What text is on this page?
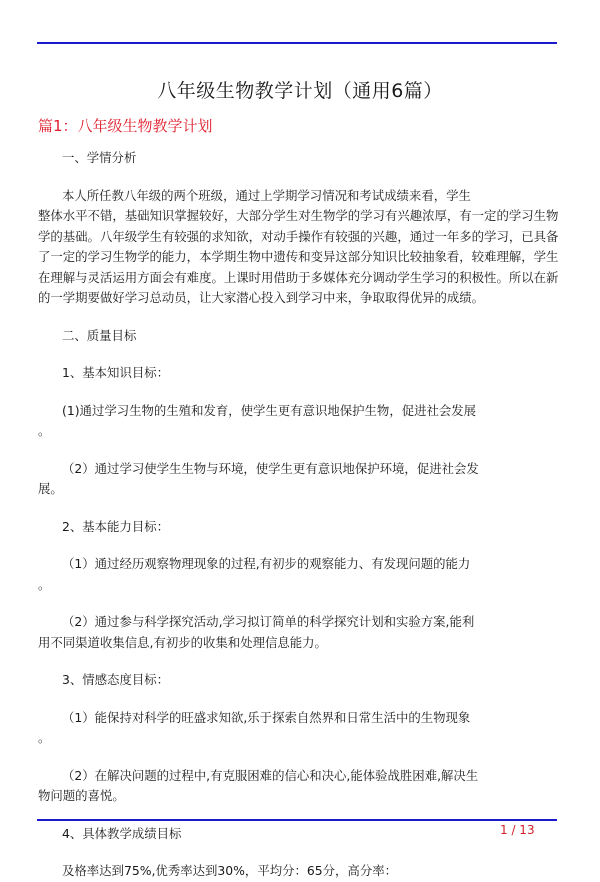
八年级生物教学计划（通用6篇）
篇1：八年级生物教学计划

一、学情分析

本人所任教八年级的两个班级，通过上学期学习情况和考试成绩来看，学生

整体水平不错，基础知识掌握较好，大部分学生对生物学的学习有兴趣浓厚，有一定的学习生物学的基础。八年级学生有较强的求知欲，对动手操作有较强的兴趣，通过一年多的学习，已具备了一定的学习生物学的能力，本学期生物中遗传和变异这部分知识比较抽象看，较难理解，学生在理解与灵活运用方面会有难度。上课时用借助于多媒体充分调动学生学习的积极性。所以在新的一学期要做好学习总动员，让大家潜心投入到学习中来，争取取得优异的成绩。

二、质量目标

1、基本知识目标：

(1)通过学习生物的生殖和发育，使学生更有意识地保护生物，促进社会发展

。

（2）通过学习使学生生物与环境，使学生更有意识地保护环境，促进社会发

展。

2、基本能力目标：

（1）通过经历观察物理现象的过程,有初步的观察能力、有发现问题的能力

。

（2）通过参与科学探究活动,学习拟订简单的科学探究计划和实验方案,能利

用不同渠道收集信息,有初步的收集和处理信息能力。

3、情感态度目标：

（1）能保持对科学的旺盛求知欲,乐于探索自然界和日常生活中的生物现象

。

（2）在解决问题的过程中,有克服困难的信心和决心,能体验战胜困难,解决生

物问题的喜悦。

4、具体教学成绩目标

及格率达到75%,优秀率达到30%，平均分：65分，高分率：

1 / 13
